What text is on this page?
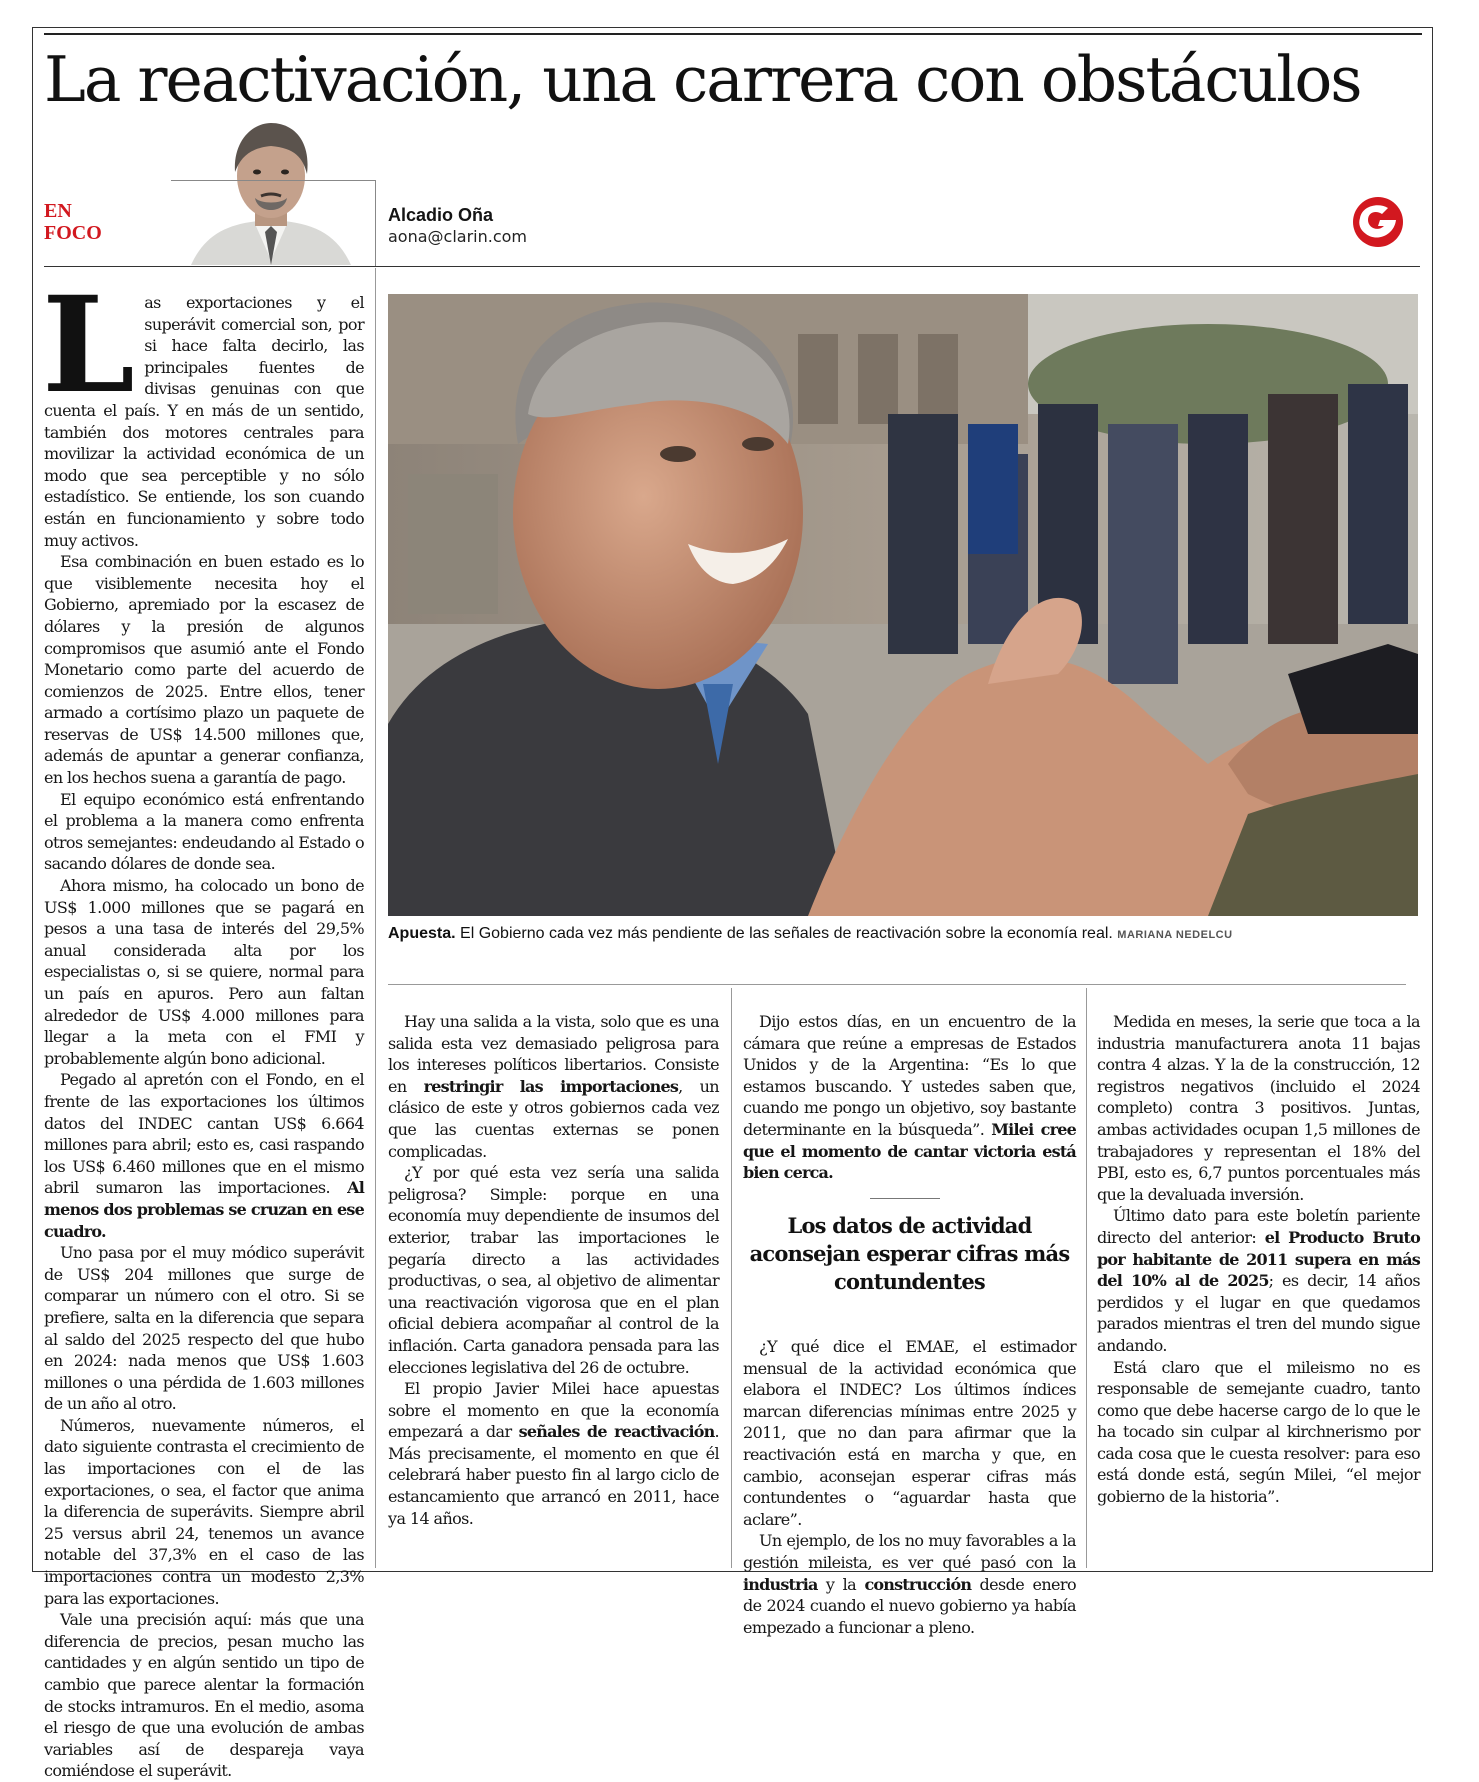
La reactivación, una carrera con obstáculos
EN
FOCO
Alcadio Oña
aona@clarin.com

Las exportaciones y el superávit comercial son, por si hace falta decirlo, las principales fuentes de divisas genuinas con que cuenta el país. Y en más de un sentido, también dos motores centrales para movilizar la actividad económica de un modo que sea perceptible y no sólo estadístico. Se entiende, los son cuando están en funcionamiento y sobre todo muy activos.

Esa combinación en buen estado es lo que visiblemente necesita hoy el Gobierno, apremiado por la escasez de dólares y la presión de algunos compromisos que asumió ante el Fondo Monetario como parte del acuerdo de comienzos de 2025. Entre ellos, tener armado a cortísimo plazo un paquete de reservas de US$ 14.500 millones que, además de apuntar a generar confianza, en los hechos suena a garantía de pago.

El equipo económico está enfrentando el problema a la manera como enfrenta otros semejantes: endeudando al Estado o sacando dólares de donde sea.

Ahora mismo, ha colocado un bono de US$ 1.000 millones que se pagará en pesos a una tasa de interés del 29,5% anual considerada alta por los especialistas o, si se quiere, normal para un país en apuros. Pero aun faltan alrededor de US$ 4.000 millones para llegar a la meta con el FMI y probablemente algún bono adicional.

Pegado al apretón con el Fondo, en el frente de las exportaciones los últimos datos del INDEC cantan US$ 6.664 millones para abril; esto es, casi raspando los US$ 6.460 millones que en el mismo abril sumaron las importaciones. Al menos dos problemas se cruzan en ese cuadro.

Uno pasa por el muy módico superávit de US$ 204 millones que surge de comparar un número con el otro. Si se prefiere, salta en la diferencia que separa al saldo del 2025 respecto del que hubo en 2024: nada menos que US$ 1.603 millones o una pérdida de 1.603 millones de un año al otro.

Números, nuevamente números, el dato siguiente contrasta el crecimiento de las importaciones con el de las exportaciones, o sea, el factor que anima la diferencia de superávits. Siempre abril 25 versus abril 24, tenemos un avance notable del 37,3% en el caso de las importaciones contra un modesto 2,3% para las exportaciones.

Vale una precisión aquí: más que una diferencia de precios, pesan mucho las cantidades y en algún sentido un tipo de cambio que parece alentar la formación de stocks intramuros. En el medio, asoma el riesgo de que una evolución de ambas variables así de despareja vaya comiéndose el superávit.

Apuesta. El Gobierno cada vez más pendiente de las señales de reactivación sobre la economía real. MARIANA NEDELCU

Hay una salida a la vista, solo que es una salida esta vez demasiado peligrosa para los intereses políticos libertarios. Consiste en restringir las importaciones, un clásico de este y otros gobiernos cada vez que las cuentas externas se ponen complicadas.

¿Y por qué esta vez sería una salida peligrosa? Simple: porque en una economía muy dependiente de insumos del exterior, trabar las importaciones le pegaría directo a las actividades productivas, o sea, al objetivo de alimentar una reactivación vigorosa que en el plan oficial debiera acompañar al control de la inflación. Carta ganadora pensada para las elecciones legislativa del 26 de octubre.

El propio Javier Milei hace apuestas sobre el momento en que la economía empezará a dar señales de reactivación. Más precisamente, el momento en que él celebrará haber puesto fin al largo ciclo de estancamiento que arrancó en 2011, hace ya 14 años.

Dijo estos días, en un encuentro de la cámara que reúne a empresas de Estados Unidos y de la Argentina: “Es lo que estamos buscando. Y ustedes saben que, cuando me pongo un objetivo, soy bastante determinante en la búsqueda”. Milei cree que el momento de cantar victoria está bien cerca.

Los datos de actividad aconsejan esperar cifras más contundentes

¿Y qué dice el EMAE, el estimador mensual de la actividad económica que elabora el INDEC? Los últimos índices marcan diferencias mínimas entre 2025 y 2011, que no dan para afirmar que la reactivación está en marcha y que, en cambio, aconsejan esperar cifras más contundentes o “aguardar hasta que aclare”.

Un ejemplo, de los no muy favorables a la gestión mileista, es ver qué pasó con la industria y la construcción desde enero de 2024 cuando el nuevo gobierno ya había empezado a funcionar a pleno.

Medida en meses, la serie que toca a la industria manufacturera anota 11 bajas contra 4 alzas. Y la de la construcción, 12 registros negativos (incluido el 2024 completo) contra 3 positivos. Juntas, ambas actividades ocupan 1,5 millones de trabajadores y representan el 18% del PBI, esto es, 6,7 puntos porcentuales más que la devaluada inversión.

Último dato para este boletín pariente directo del anterior: el Producto Bruto por habitante de 2011 supera en más del 10% al de 2025; es decir, 14 años perdidos y el lugar en que quedamos parados mientras el tren del mundo sigue andando.

Está claro que el mileismo no es responsable de semejante cuadro, tanto como que debe hacerse cargo de lo que le ha tocado sin culpar al kirchnerismo por cada cosa que le cuesta resolver: para eso está donde está, según Milei, “el mejor gobierno de la historia”.
